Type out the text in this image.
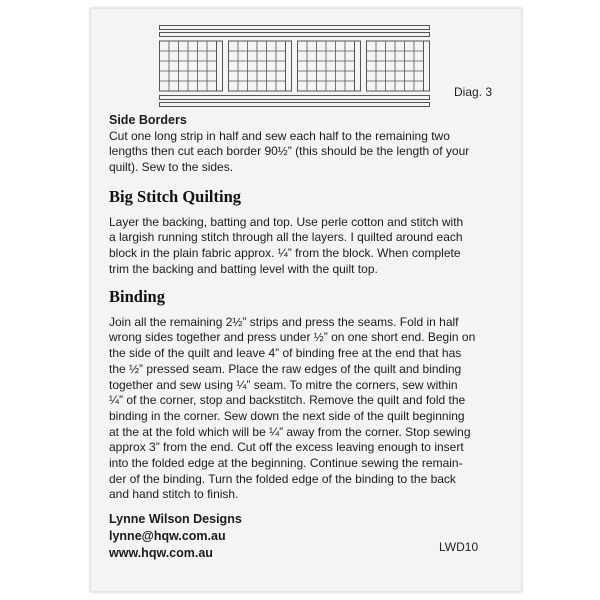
Diag. 3
Side Borders
Cut one long strip in half and sew each half to the remaining two
lengths then cut each border 90½” (this should be the length of your
quilt). Sew to the sides.
Big Stitch Quilting
Layer the backing, batting and top. Use perle cotton and stitch with
a largish running stitch through all the layers. I quilted around each
block in the plain fabric approx. ¼” from the block. When complete
trim the backing and batting level with the quilt top.
Binding
Join all the remaining 2½” strips and press the seams. Fold in half
wrong sides together and press under ½” on one short end. Begin on
the side of the quilt and leave 4” of binding free at the end that has
the ½” pressed seam. Place the raw edges of the quilt and binding
together and sew using ¼” seam. To mitre the corners, sew within
¼” of the corner, stop and backstitch. Remove the quilt and fold the
binding in the corner. Sew down the next side of the quilt beginning
at the at the fold which will be ¼” away from the corner. Stop sewing
approx 3” from the end. Cut off the excess leaving enough to insert
into the folded edge at the beginning. Continue sewing the remain-
der of the binding. Turn the folded edge of the binding to the back
and hand stitch to finish.
Lynne Wilson Designs
lynne@hqw.com.au
www.hqw.com.au	LWD10
